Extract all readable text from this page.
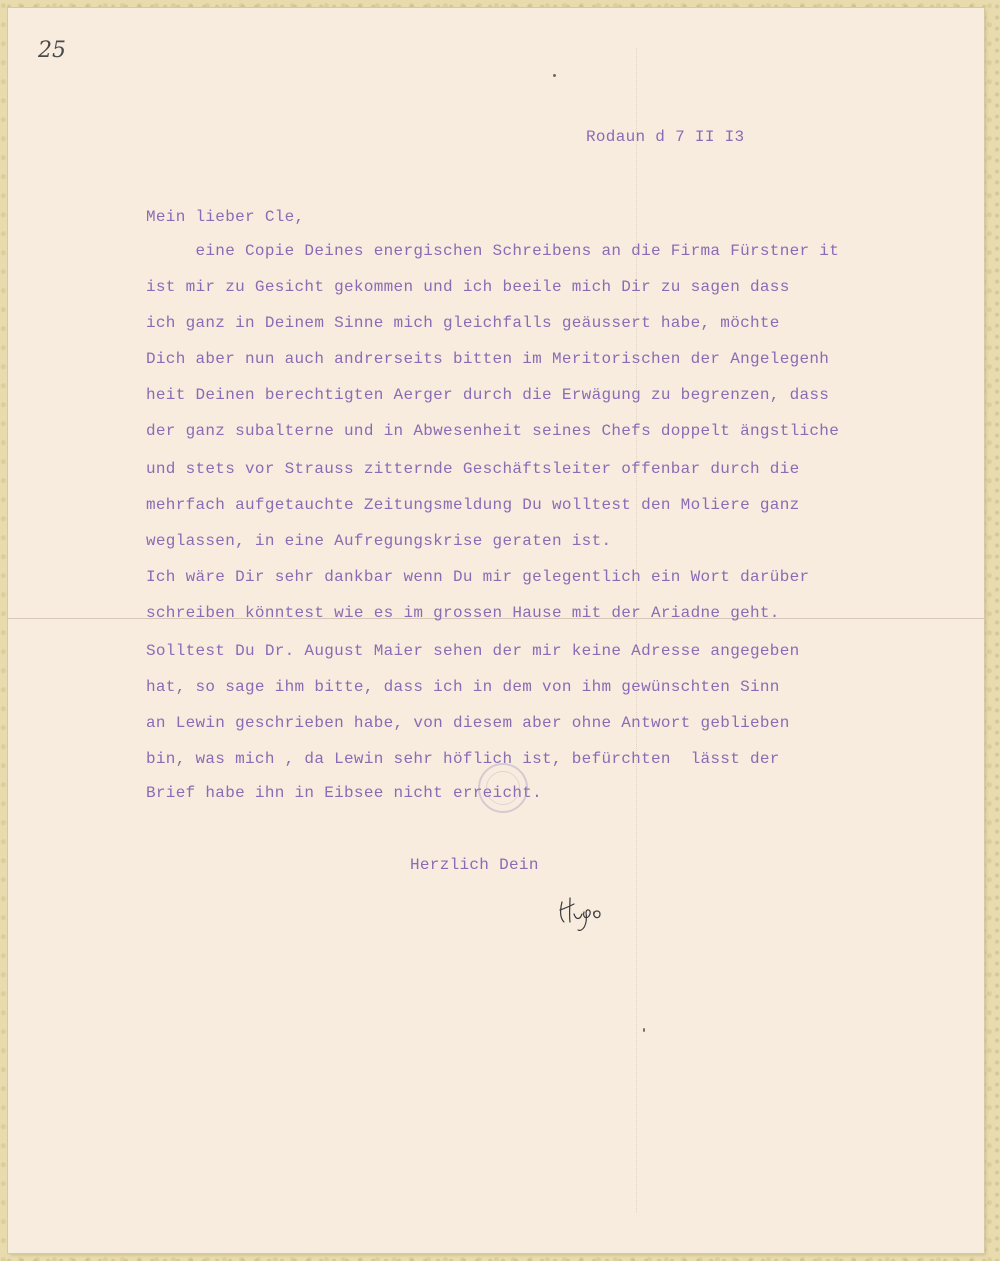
25
Rodaun d 7 II I3
Mein lieber Cle,
eine Copie Deines energischen Schreibens an die Firma Fürstner it
ist mir zu Gesicht gekommen und ich beeile mich Dir zu sagen dass
ich ganz in Deinem Sinne mich gleichfalls geäussert habe, möchte
Dich aber nun auch andrerseits bitten im Meritorischen der Angelegenh
heit Deinen berechtigten Aerger durch die Erwägung zu begrenzen, dass
der ganz subalterne und in Abwesenheit seines Chefs doppelt ängstliche
und stets vor Strauss zitternde Geschäftsleiter offenbar durch die
mehrfach aufgetauchte Zeitungsmeldung Du wolltest den Moliere ganz
weglassen, in eine Aufregungskrise geraten ist.
Ich wäre Dir sehr dankbar wenn Du mir gelegentlich ein Wort darüber
schreiben könntest wie es im grossen Hause mit der Ariadne geht.
Solltest Du Dr. August Maier sehen der mir keine Adresse angegeben
hat, so sage ihm bitte, dass ich in dem von ihm gewünschten Sinn
an Lewin geschrieben habe, von diesem aber ohne Antwort geblieben
bin, was mich , da Lewin sehr höflich ist, befürchten  lässt der
Brief habe ihn in Eibsee nicht erreicht.
Herzlich Dein
